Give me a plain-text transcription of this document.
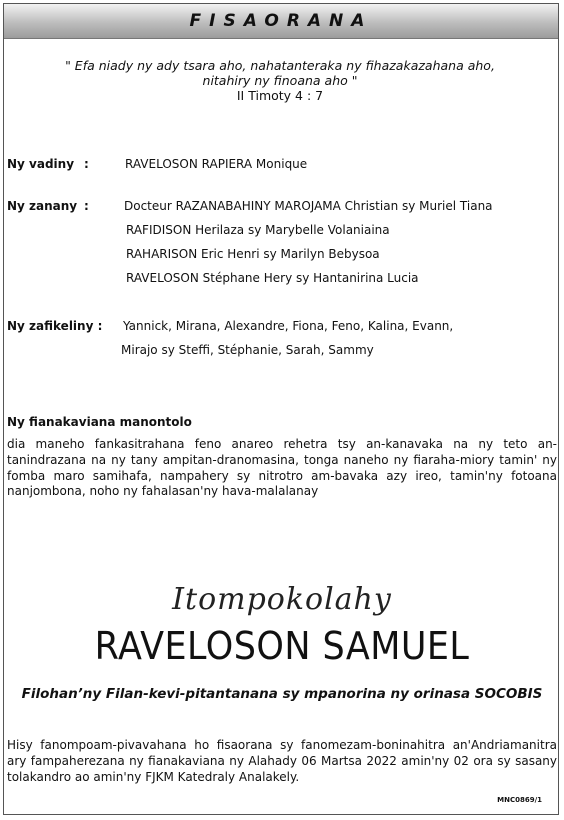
FISAORANA
" Efa niady ny ady tsara aho, nahatanteraka ny fihazakazahana aho,
nitahiry ny finoana aho "
II Timoty 4 : 7
Ny vadiny :	RAVELOSON RAPIERA Monique
Ny zanany :	Docteur RAZANABAHINY MAROJAMA Christian sy Muriel Tiana
RAFIDISON Herilaza sy Marybelle Volaniaina
RAHARISON Eric Henri sy Marilyn Bebysoa
RAVELOSON Stéphane Hery sy Hantanirina Lucia
Ny zafikeliny : Yannick, Mirana, Alexandre, Fiona, Feno, Kalina, Evann,
Mirajo sy Steffi, Stéphanie, Sarah, Sammy
Ny fianakaviana manontolo
dia maneho fankasitrahana feno anareo rehetra tsy an-kanavaka na ny teto an-tanindrazana na ny tany ampitan-dranomasina, tonga naneho ny fiaraha-miory tamin' ny fomba maro samihafa, nampahery sy nitrotro am-bavaka azy ireo, tamin'ny fotoana nanjombona, noho ny fahalasan'ny hava-malalanay
Itompokolahy
RAVELOSON SAMUEL
Filohan’ny Filan-kevi-pitantanana sy mpanorina ny orinasa SOCOBIS
Hisy fanompoam-pivavahana ho fisaorana sy fanomezam-boninahitra an'Andriamanitra ary fampaherezana ny fianakaviana ny Alahady 06 Martsa 2022 amin'ny 02 ora sy sasany tolakandro ao amin'ny FJKM Katedraly Analakely.
MNC0869/1
